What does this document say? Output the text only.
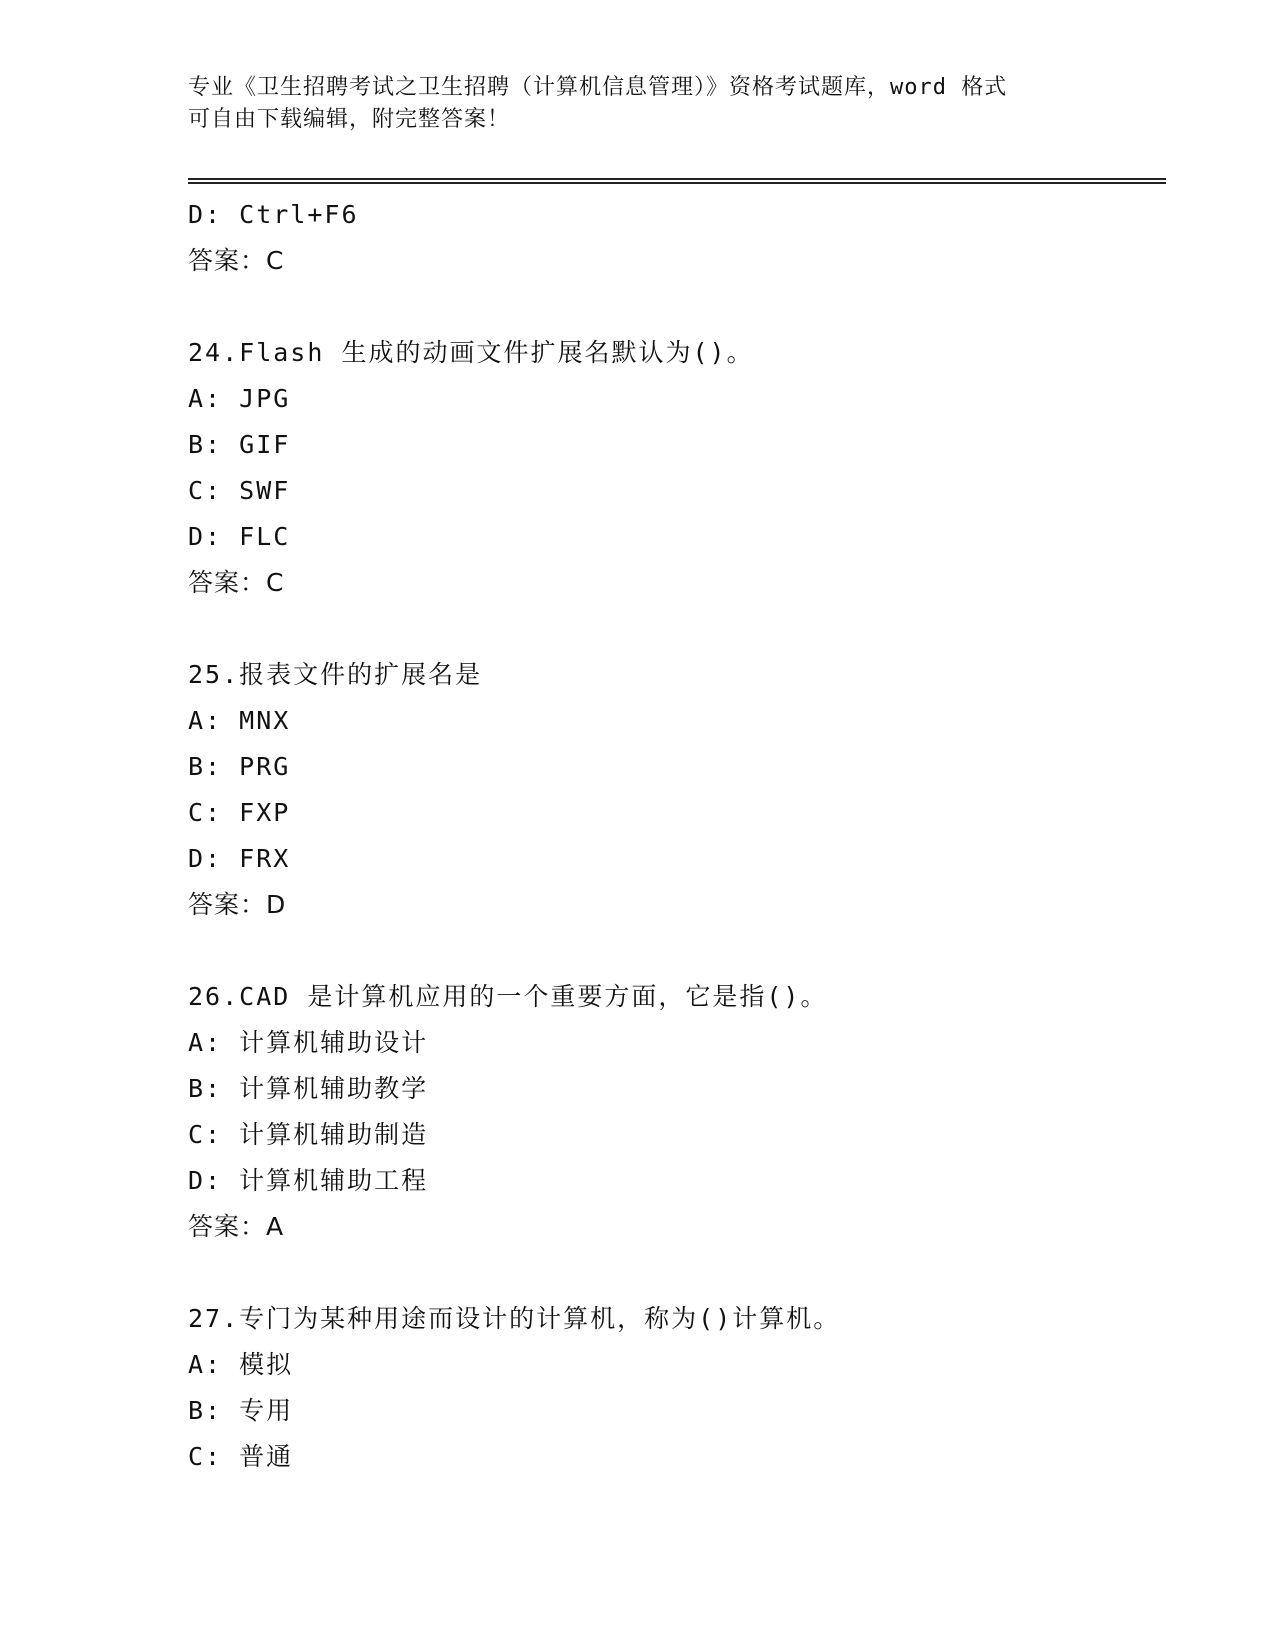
专业《卫生招聘考试之卫生招聘（计算机信息管理）》资格考试题库，word 格式
可自由下载编辑，附完整答案！
D: Ctrl+F6
答案：C
24.Flash 生成的动画文件扩展名默认为()。
A: JPG
B: GIF
C: SWF
D: FLC
答案：C
25.报表文件的扩展名是
A: MNX
B: PRG
C: FXP
D: FRX
答案：D
26.CAD 是计算机应用的一个重要方面，它是指()。
A: 计算机辅助设计
B: 计算机辅助教学
C: 计算机辅助制造
D: 计算机辅助工程
答案：A
27.专门为某种用途而设计的计算机，称为()计算机。
A: 模拟
B: 专用
C: 普通
